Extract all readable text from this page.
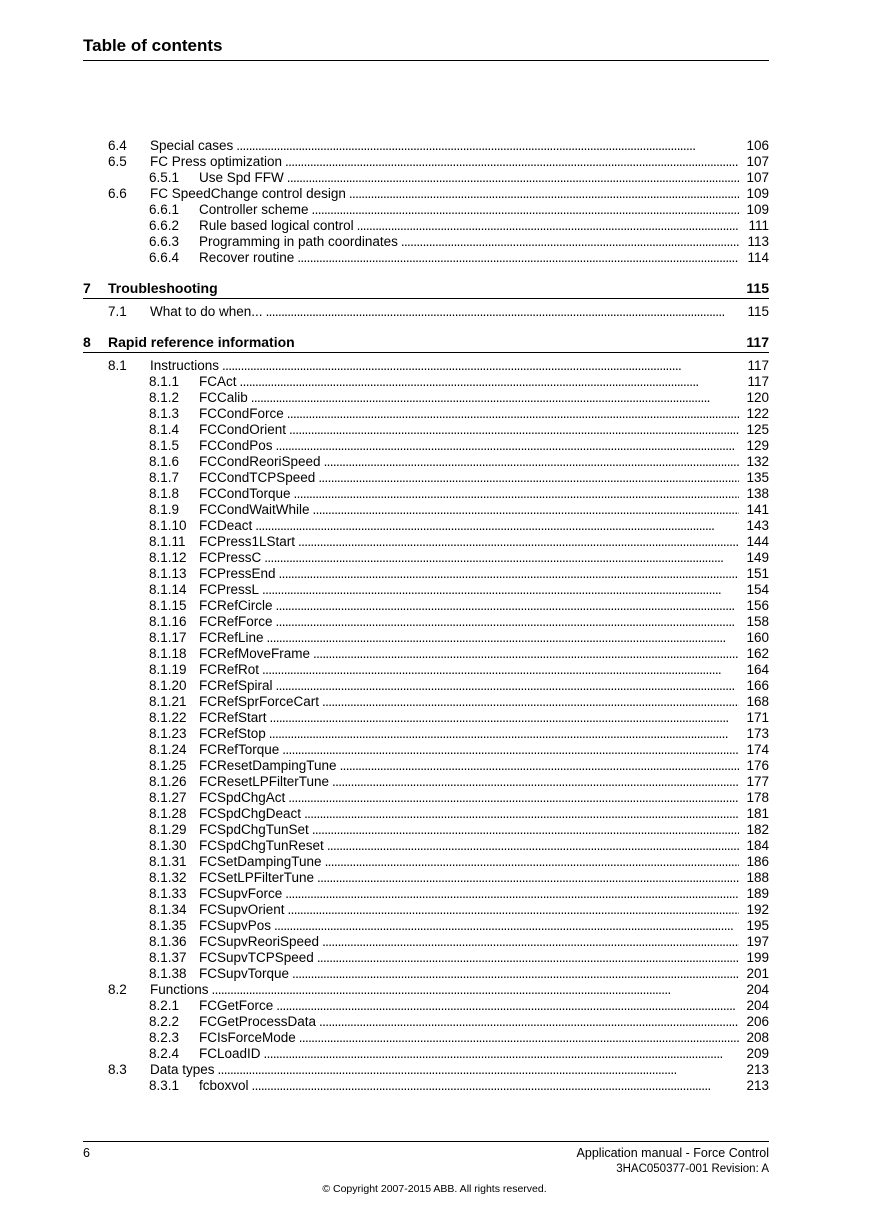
Table of contents
6.4	Special cases . . .	106
6.5	FC Press optimization . . .	107
6.5.1	Use Spd FFW . . .	107
6.6	FC SpeedChange control design . . .	109
6.6.1	Controller scheme . . .	109
6.6.2	Rule based logical control . . .	111
6.6.3	Programming in path coordinates . . .	113
6.6.4	Recover routine . . .	114
7	Troubleshooting	115
7.1	What to do when... . . .	115
8	Rapid reference information	117
8.1	Instructions . . .	117
8.1.1	FCAct . . .	117
8.1.2	FCCalib . . .	120
8.1.3	FCCondForce . . .	122
8.1.4	FCCondOrient . . .	125
8.1.5	FCCondPos . . .	129
8.1.6	FCCondReoriSpeed . . .	132
8.1.7	FCCondTCPSpeed . . .	135
8.1.8	FCCondTorque . . .	138
8.1.9	FCCondWaitWhile . . .	141
8.1.10 FCDeact . . .	143
8.1.11 FCPress1LStart . . .	144
8.1.12 FCPressC . . .	149
8.1.13 FCPressEnd . . .	151
8.1.14 FCPressL . . .	154
8.1.15 FCRefCircle . . .	156
8.1.16 FCRefForce . . .	158
8.1.17 FCRefLine . . .	160
8.1.18 FCRefMoveFrame . . .	162
8.1.19 FCRefRot . . .	164
8.1.20 FCRefSpiral . . .	166
8.1.21 FCRefSprForceCart . . .	168
8.1.22 FCRefStart . . .	171
8.1.23 FCRefStop . . .	173
8.1.24 FCRefTorque . . .	174
8.1.25 FCResetDampingTune . . .	176
8.1.26 FCResetLPFilterTune . . .	177
8.1.27 FCSpdChgAct . . .	178
8.1.28 FCSpdChgDeact . . .	181
8.1.29 FCSpdChgTunSet . . .	182
8.1.30 FCSpdChgTunReset . . .	184
8.1.31 FCSetDampingTune . . .	186
8.1.32 FCSetLPFilterTune . . .	188
8.1.33 FCSupvForce . . .	189
8.1.34 FCSupvOrient . . .	192
8.1.35 FCSupvPos . . .	195
8.1.36 FCSupvReoriSpeed . . .	197
8.1.37 FCSupvTCPSpeed . . .	199
8.1.38 FCSupvTorque . . .	201
8.2	Functions . . .	204
8.2.1	FCGetForce . . .	204
8.2.2	FCGetProcessData . . .	206
8.2.3	FCIsForceMode . . .	208
8.2.4	FCLoadID . . .	209
8.3	Data types . . .	213
8.3.1	fcboxvol . . .	213
6	Application manual - Force Control
3HAC050377-001 Revision: A
© Copyright 2007-2015 ABB. All rights reserved.
